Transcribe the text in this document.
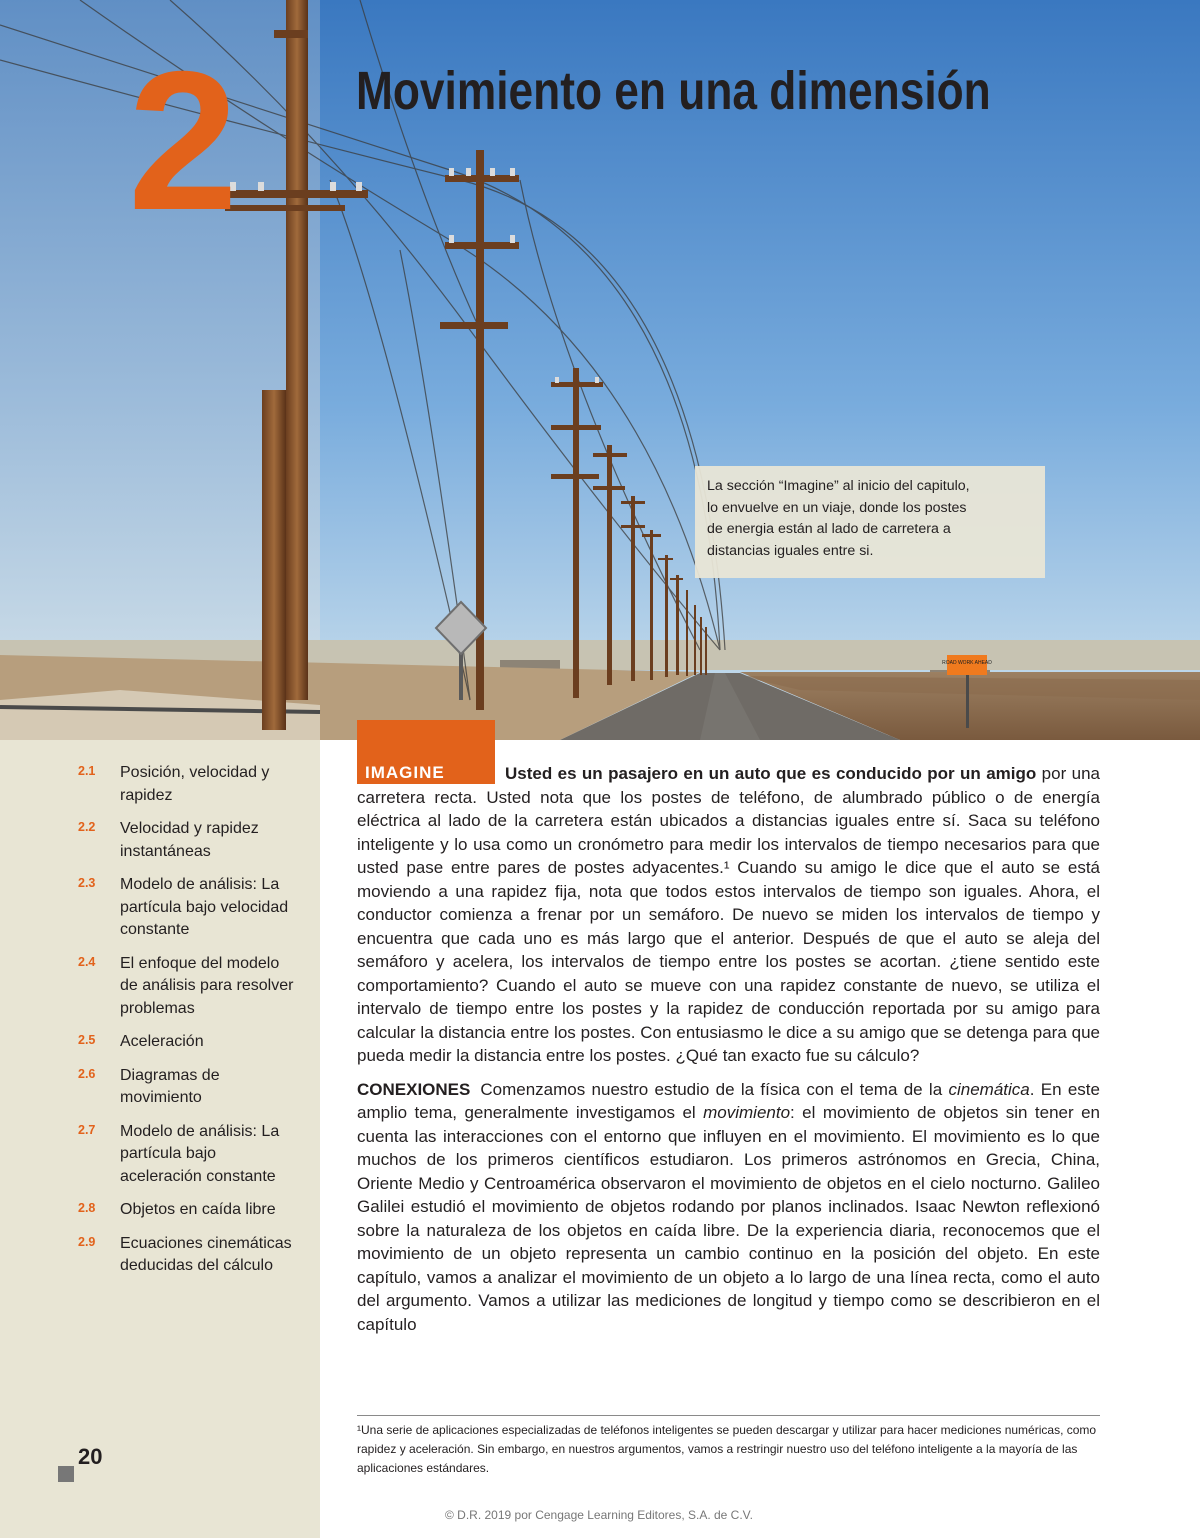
ROAD WORK AHEAD
2 Movimiento en una dimensión
La sección “Imagine” al inicio del capitulo,
lo envuelve en un viaje, donde los postes
de energia están al lado de carretera a
distancias iguales entre si.
2.1 Posición, velocidad y rapidez
2.2 Velocidad y rapidez instantáneas
2.3 Modelo de análisis: La partícula bajo velocidad constante
2.4 El enfoque del modelo de análisis para resolver problemas
2.5 Aceleración
2.6 Diagramas de movimiento
2.7 Modelo de análisis: La partícula bajo aceleración constante
2.8 Objetos en caída libre
2.9 Ecuaciones cinemáticas deducidas del cálculo
20
IMAGINE	Usted es un pasajero en un auto que es conducido por un amigo por una carretera recta. Usted nota que los postes de teléfono, de alumbrado público o de energía eléctrica al lado de la carretera están ubicados a distancias iguales entre sí. Saca su teléfono inteligente y lo usa como un cronómetro para medir los intervalos de tiempo necesarios para que usted pase entre pares de postes adyacentes.¹ Cuando su amigo le dice que el auto se está moviendo a una rapidez fija, nota que todos estos intervalos de tiempo son iguales. Ahora, el conductor comienza a frenar por un semáforo. De nuevo se miden los intervalos de tiempo y encuentra que cada uno es más largo que el anterior. Después de que el auto se aleja del semáforo y acelera, los intervalos de tiempo entre los postes se acortan. ¿tiene sentido este comportamiento? Cuando el auto se mueve con una rapidez constante de nuevo, se utiliza el intervalo de tiempo entre los postes y la rapidez de conducción reportada por su amigo para calcular la distancia entre los postes. Con entusiasmo le dice a su amigo que se detenga para que pueda medir la distancia entre los postes. ¿Qué tan exacto fue su cálculo?

CONEXIONES Comenzamos nuestro estudio de la física con el tema de la cinemática. En este amplio tema, generalmente investigamos el movimiento: el movimiento de objetos sin tener en cuenta las interacciones con el entorno que influyen en el movimiento. El movimiento es lo que muchos de los primeros científicos estudiaron. Los primeros astrónomos en Grecia, China, Oriente Medio y Centroamérica observaron el movimiento de objetos en el cielo nocturno. Galileo Galilei estudió el movimiento de objetos rodando por planos inclinados. Isaac Newton reflexionó sobre la naturaleza de los objetos en caída libre. De la experiencia diaria, reconocemos que el movimiento de un objeto representa un cambio continuo en la posición del objeto. En este capítulo, vamos a analizar el movimiento de un objeto a lo largo de una línea recta, como el auto del argumento. Vamos a utilizar las mediciones de longitud y tiempo como se describieron en el capítulo

¹Una serie de aplicaciones especializadas de teléfonos inteligentes se pueden descargar y utilizar para hacer mediciones numéricas, como rapidez y aceleración. Sin embargo, en nuestros argumentos, vamos a restringir nuestro uso del teléfono inteligente a la mayoría de las aplicaciones estándares.

© D.R. 2019 por Cengage Learning Editores, S.A. de C.V.
